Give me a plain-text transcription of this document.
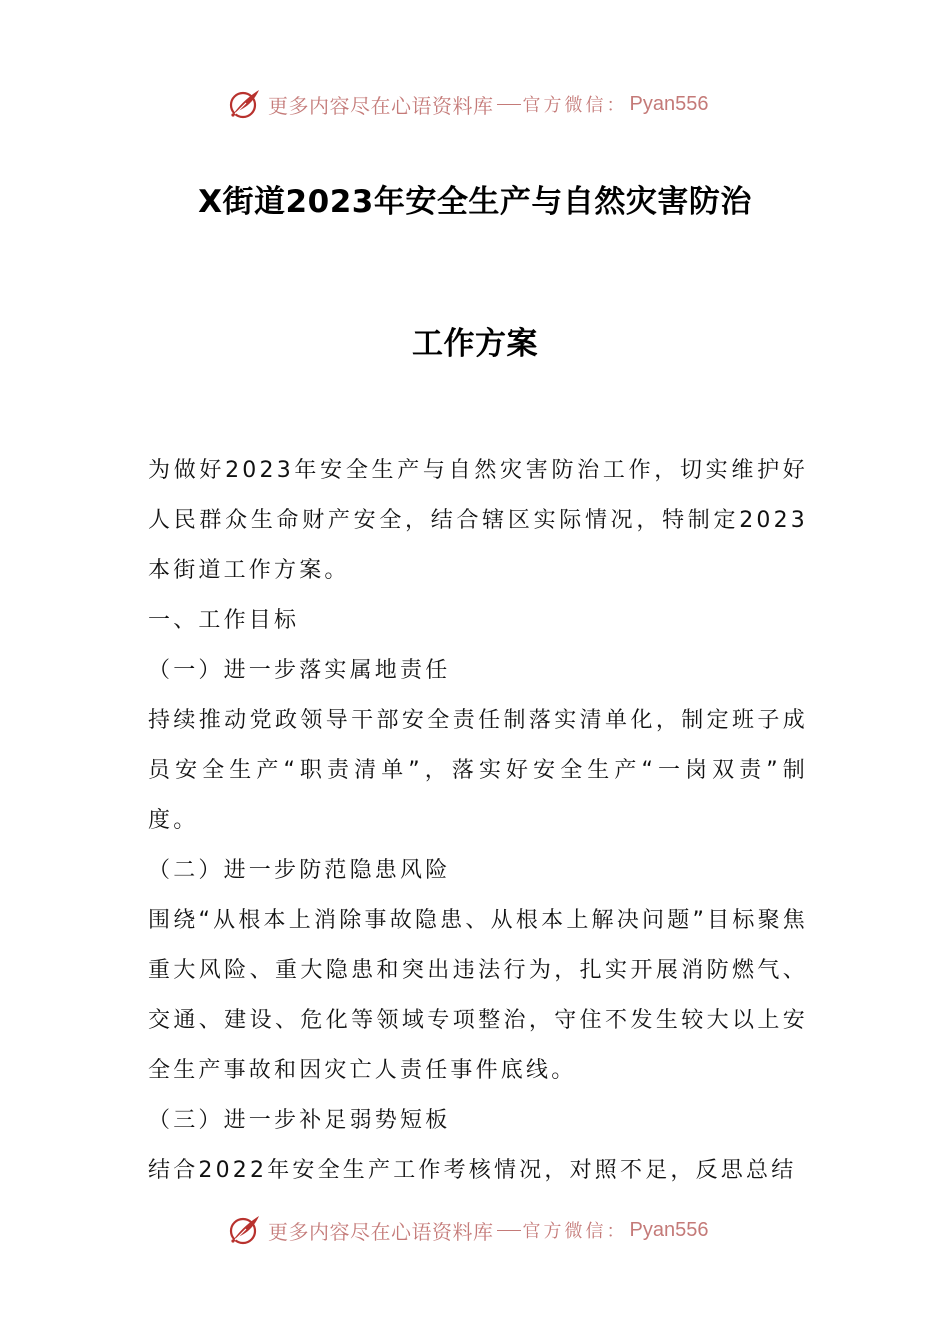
更多内容尽在心语资料库 官方微信： Pyan556
X街道2023年安全生产与自然灾害防治
工作方案

为做好2023年安全生产与自然灾害防治工作，切实维护好人民群众生命财产安全，结合辖区实际情况，特制定2023本街道工作方案。

一、工作目标

（一）进一步落实属地责任

持续推动党政领导干部安全责任制落实清单化，制定班子成员安全生产“职责清单”，落实好安全生产“一岗双责”制度。

（二）进一步防范隐患风险

围绕“从根本上消除事故隐患、从根本上解决问题”目标聚焦重大风险、重大隐患和突出违法行为，扎实开展消防燃气、交通、建设、危化等领域专项整治，守住不发生较大以上安全生产事故和因灾亡人责任事件底线。

（三）进一步补足弱势短板

结合2022年安全生产工作考核情况，对照不足，反思总结

更多内容尽在心语资料库 官方微信： Pyan556
